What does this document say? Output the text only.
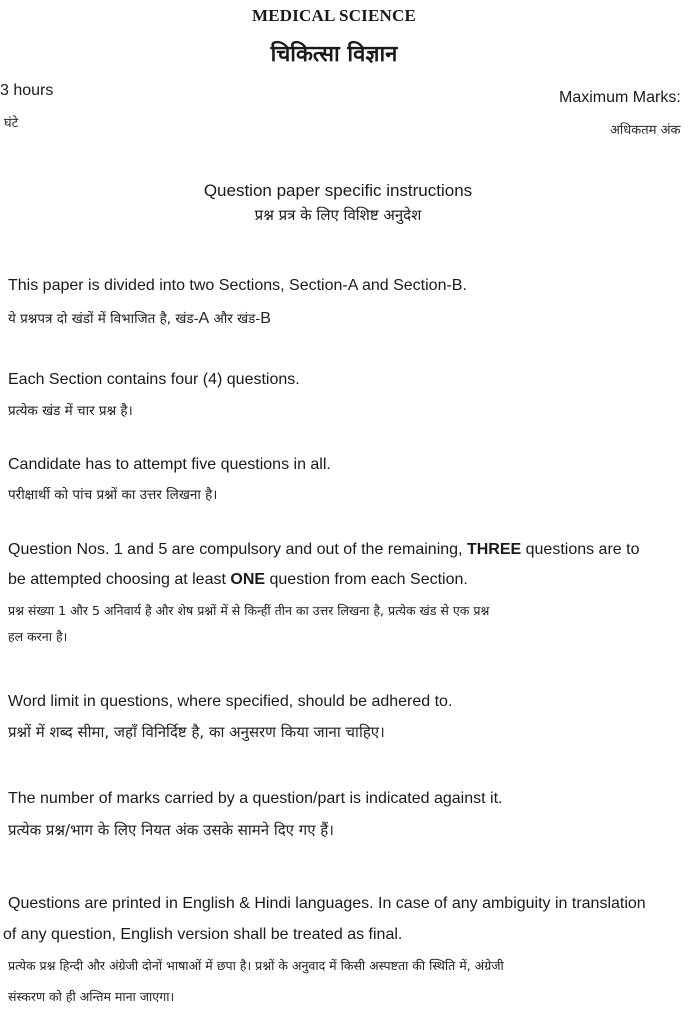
MEDICAL SCIENCE
चिकित्सा विज्ञान
3 hours
घंटे
Maximum Marks:
अधिकतम अंक
Question paper specific instructions
प्रश्न प्रत्र के लिए विशिष्ट अनुदेश
This paper is divided into two Sections, Section-A and Section-B.
ये प्रश्नपत्र दो खंडों में विभाजित है, खंड-A और खंड-B
Each Section contains four (4) questions.
प्रत्येक खंड में चार प्रश्न है।
Candidate has to attempt five questions in all.
परीक्षार्थी को पांच प्रश्नों का उत्तर लिखना है।
Question Nos. 1 and 5 are compulsory and out of the remaining, THREE questions are to
be attempted choosing at least ONE question from each Section.
प्रश्न संख्या 1 और 5 अनिवार्य है और शेष प्रश्नों में से किन्हीं तीन का उत्तर लिखना है, प्रत्येक खंड से एक प्रश्न
हल करना है।
Word limit in questions, where specified, should be adhered to.
प्रश्नों में शब्द सीमा, जहाँ विनिर्दिष्ट है, का अनुसरण किया जाना चाहिए।
The number of marks carried by a question/part is indicated against it.
प्रत्येक प्रश्न/भाग के लिए नियत अंक उसके सामने दिए गए हैं।
Questions are printed in English & Hindi languages. In case of any ambiguity in translation
of any question, English version shall be treated as final.
प्रत्येक प्रश्न हिन्दी और अंग्रेजी दोनों भाषाओं में छपा है। प्रश्नों के अनुवाद में किसी अस्पष्टता की स्थिति में, अंग्रेजी
संस्करण को ही अन्तिम माना जाएगा।
